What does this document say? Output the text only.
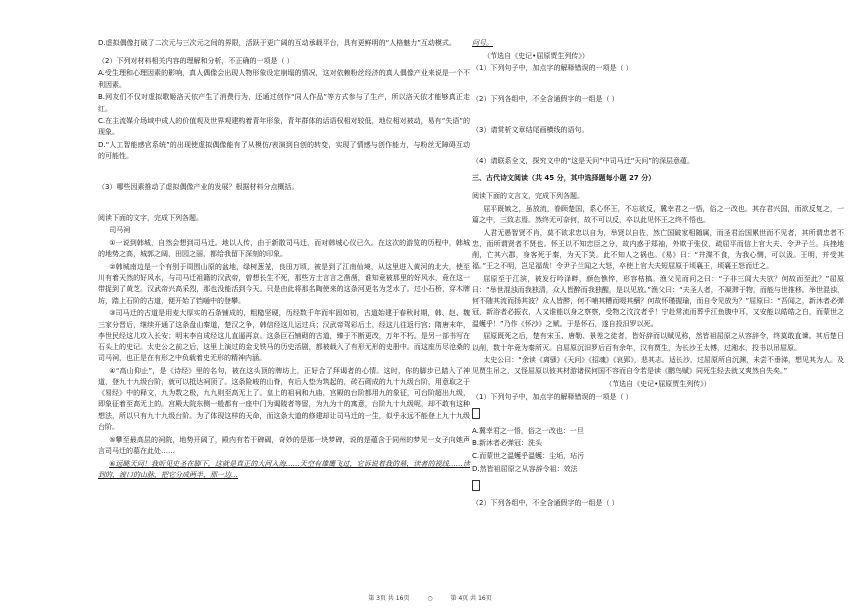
D.虚拟偶像打破了二次元与三次元之间的界限，活跃于更广阔的互动承载平台，具有更鲜明的“人格魅力”互动模式。

（2）下列对材料相关内容的理解和分析，不正确的一项是（ ）

A.受生理和心理因素的影响，真人偶像会出现人物形象设定崩塌的情况，这对依赖粉丝经济的真人偶像产业来说是一个不利因素。

B.网友们不仅对虚拟歌姬洛天依产生了消费行为，还通过创作“同人作品”等方式参与了生产，所以洛天依才能够真正走红。

C.在主流媒介场域中成人的价值观及世界观建构着青年形象，青年群体的话语权相对较低，地位相对被动，易有“失语”的现象。

D.“人工智能感官系统”的出现使虚拟偶像能有了从模仿/表演到自创的转变，实现了情感与创作能力，与粉丝无障碍互动的可能性。

（3）哪些因素推动了虚拟偶像产业的发展？根据材料分点概括。

阅读下面的文字，完成下列各题。

司马祠

①一说到韩城，自然会想到司马迁。地以人传，由于新散司马迁，而对韩城心仪已久。在这次的游览的历程中，韩城的地势之高，城郭之阔，田园之丽，都给我留下深刻的印象。

②韩城南边是一个有别于周围山原的盆地，绿树葱茏，良田万顷，被是到了江南仙境，从这里进入黄河的北大，使至川有着天然的好风水，与司马迁祖籍的汉武帝，曾想长生不死，那些方士言言之凿凿，谁知竟被那里的好风水，竟在这一带捉到了黄芝。汉武帝兴高采烈，那也没能活到今天。只是由此将那名陶使来的这条河更名为芝水了。过小石桥，穿木牌坊，踏上石阶的古道，便开始了铛嗵中的登攀。

③司马迁的古道是用麦大厚实的石条铺成的，粗糙坚硬，历经数千年而牢固如初，古道始建于春秋时期，韩、赵、魏三家分晋后，继续开通了这条盘山秦道，楚汉之争，韩信经这儿运过兵；汉武帝驾彩后土，经这儿往返行宫；隋唐末年，李世民经这儿攻入长安；明末李自成经这儿直逼再京。这条巨石铺砌的古道，臻于不断更改，万年不朽。是另一部书写在石头上的史记。太史公之前之后，这里上演过的金戈铁马的历史活剧，都被载入了有形无形的史册中。而这座历尽沧桑的司马祠，也正是在有形之中负载着史无形的精神内涵。

④“高山仰止”，是《诗经》里的名句，被在这头顶的牌坊上，正好合了拜谒者的心情。这时，你的脚步已踏入了神道，登九十九级台阶，就可以抵达祠顶了。这条险峻的山脊，有后人垫为筑起的，砖石砌成的九十九级台阶，用意取之于《易经》中的释文，九为数之极，九九则至高无上了。皇上的祖祠和九庙，宫殿的台阶都用九的象征，可台阶超出九级，即象征着至高无上的。宫殿大院东侧一般都有一座中门为谒陵者等留，为九为十的寓意，台阶九十九级呢，却不敢有这种想法，所以只有九十九级台阶。为了体现这样的天命，而这条大道的修建却让司马迁的一生，似乎永远不能登上九十九级台阶。

⑤攀至最高层的祠院，地势开阔了，殿内有若干碑碣，奇妙的是那一块梦碑，说的是蕴含于同州的梦见一女子向她声言司马迁的墓在此处……

⑥远眺天问！我昕见史圣在脚下，这就是真正的大河入海……天空有雄鹰飞过，它诉说着我的墓，读者的视线……读到的，渡口的山脉，把它分成两半，那一边…

问号。

（节选自《史记•屈原贾生列传》）

（1）下列句子中，加点字的解释错误的一项是（ ）

（2）下列各组中，不全含通假字的一组是（ ）

（3）请赏析文章结尾画横线的语句。

（4）请联系全文，探究文中的“这是天问”中司马迁“天问”的深层意蕴。

三、古代诗文阅读（共 45 分，其中选择题每小题 27 分）

阅读下面的文言文，完成下列各题。

屈平既嫉之，虽放流，眷顾楚国，系心怀王，不忘欲反，冀幸君之一悟，俗之一改也。其存君兴国，而欲反复之，一篇之中，三致志焉。然终无可奈何，故不可以反，卒以此见怀王之终不悟也。

人君无愚智贤不肖，莫不欲求忠以自为，举贤以自佐，然亡国破家相随属，而圣君治国累世而不见者，其所谓忠者不忠，而所谓贤者不贤也。怀王以不知忠臣之分，故内惑于郑袖，外欺于张仪，疏屈平而信上官大夫、令尹子兰。兵挫地削，亡其六郡，身客死于秦，为天下笑。此不知人之祸也。《易》曰：“井渫不食，为我心恻，可以汲。王明，并受其福。”王之不明，岂足福哉！令尹子兰闻之大怒，卒使上官大夫短屈原于顷襄王，顷襄王怒而迁之。

屈原至于江滨，被发行吟泽畔，颜色憔悴，形容枯槁。渔父见而问之曰：“子非三闾大夫欤？何故而至此？”屈原曰：“举世混浊而我独清，众人皆醉而我独醒，是以见放。”渔父曰：“夫圣人者，不凝滞于物，而能与世推移。举世混浊，何不随其流而扬其波？众人皆醉，何不哺其糟而啜其醨？何故怀瑾握瑜，而自令见放为？”屈原曰：“吾闻之，新沐者必弹冠，新浴者必振衣，人又谁能以身之察察，受物之汶汶者乎！宁赴常流而葬乎江鱼腹中耳，又安能以皓皓之白，而蒙世之温蠖乎！”乃作《怀沙》之赋。于是怀石，遂自投汨罗以死。

屈原既死之后，楚有宋玉、唐勒、景差之徒者，皆好辞而以赋见称，然皆祖屈原之从容辞令，终莫敢直谏。其后楚日以削，数十年竟为秦所灭。自屈原沉汨罗后百有余年，汉有贾生，为长沙王太傅，过湘水，投书以吊屈原。

太史公曰：“余读《离骚》《天问》《招魂》《哀郢》，悲其志。适长沙，过屈原所自沉渊，未尝不垂涕，想见其为人。及见贾生吊之，又怪屈原以彼其材游诸侯何国不容而自令若是读《鹏鸟赋》同死生轻去就又爽然自失矣。”

（节选自《史记•屈原贾生列传》）

（1）下列句子中，加点字的解释错误的一项是（ ）

A.冀幸君之一悟，俗之一改也：一旦

B.新沐者必弹冠：洗头

C.而蒙世之温蠖乎温蠖：尘垢，玷污

D.然皆祖屈原之从容辞令祖：效法

（2）下列各组中，不全含通假字的一组是（ ）

第 3页 共 16页	○	第 4页 共 16页
